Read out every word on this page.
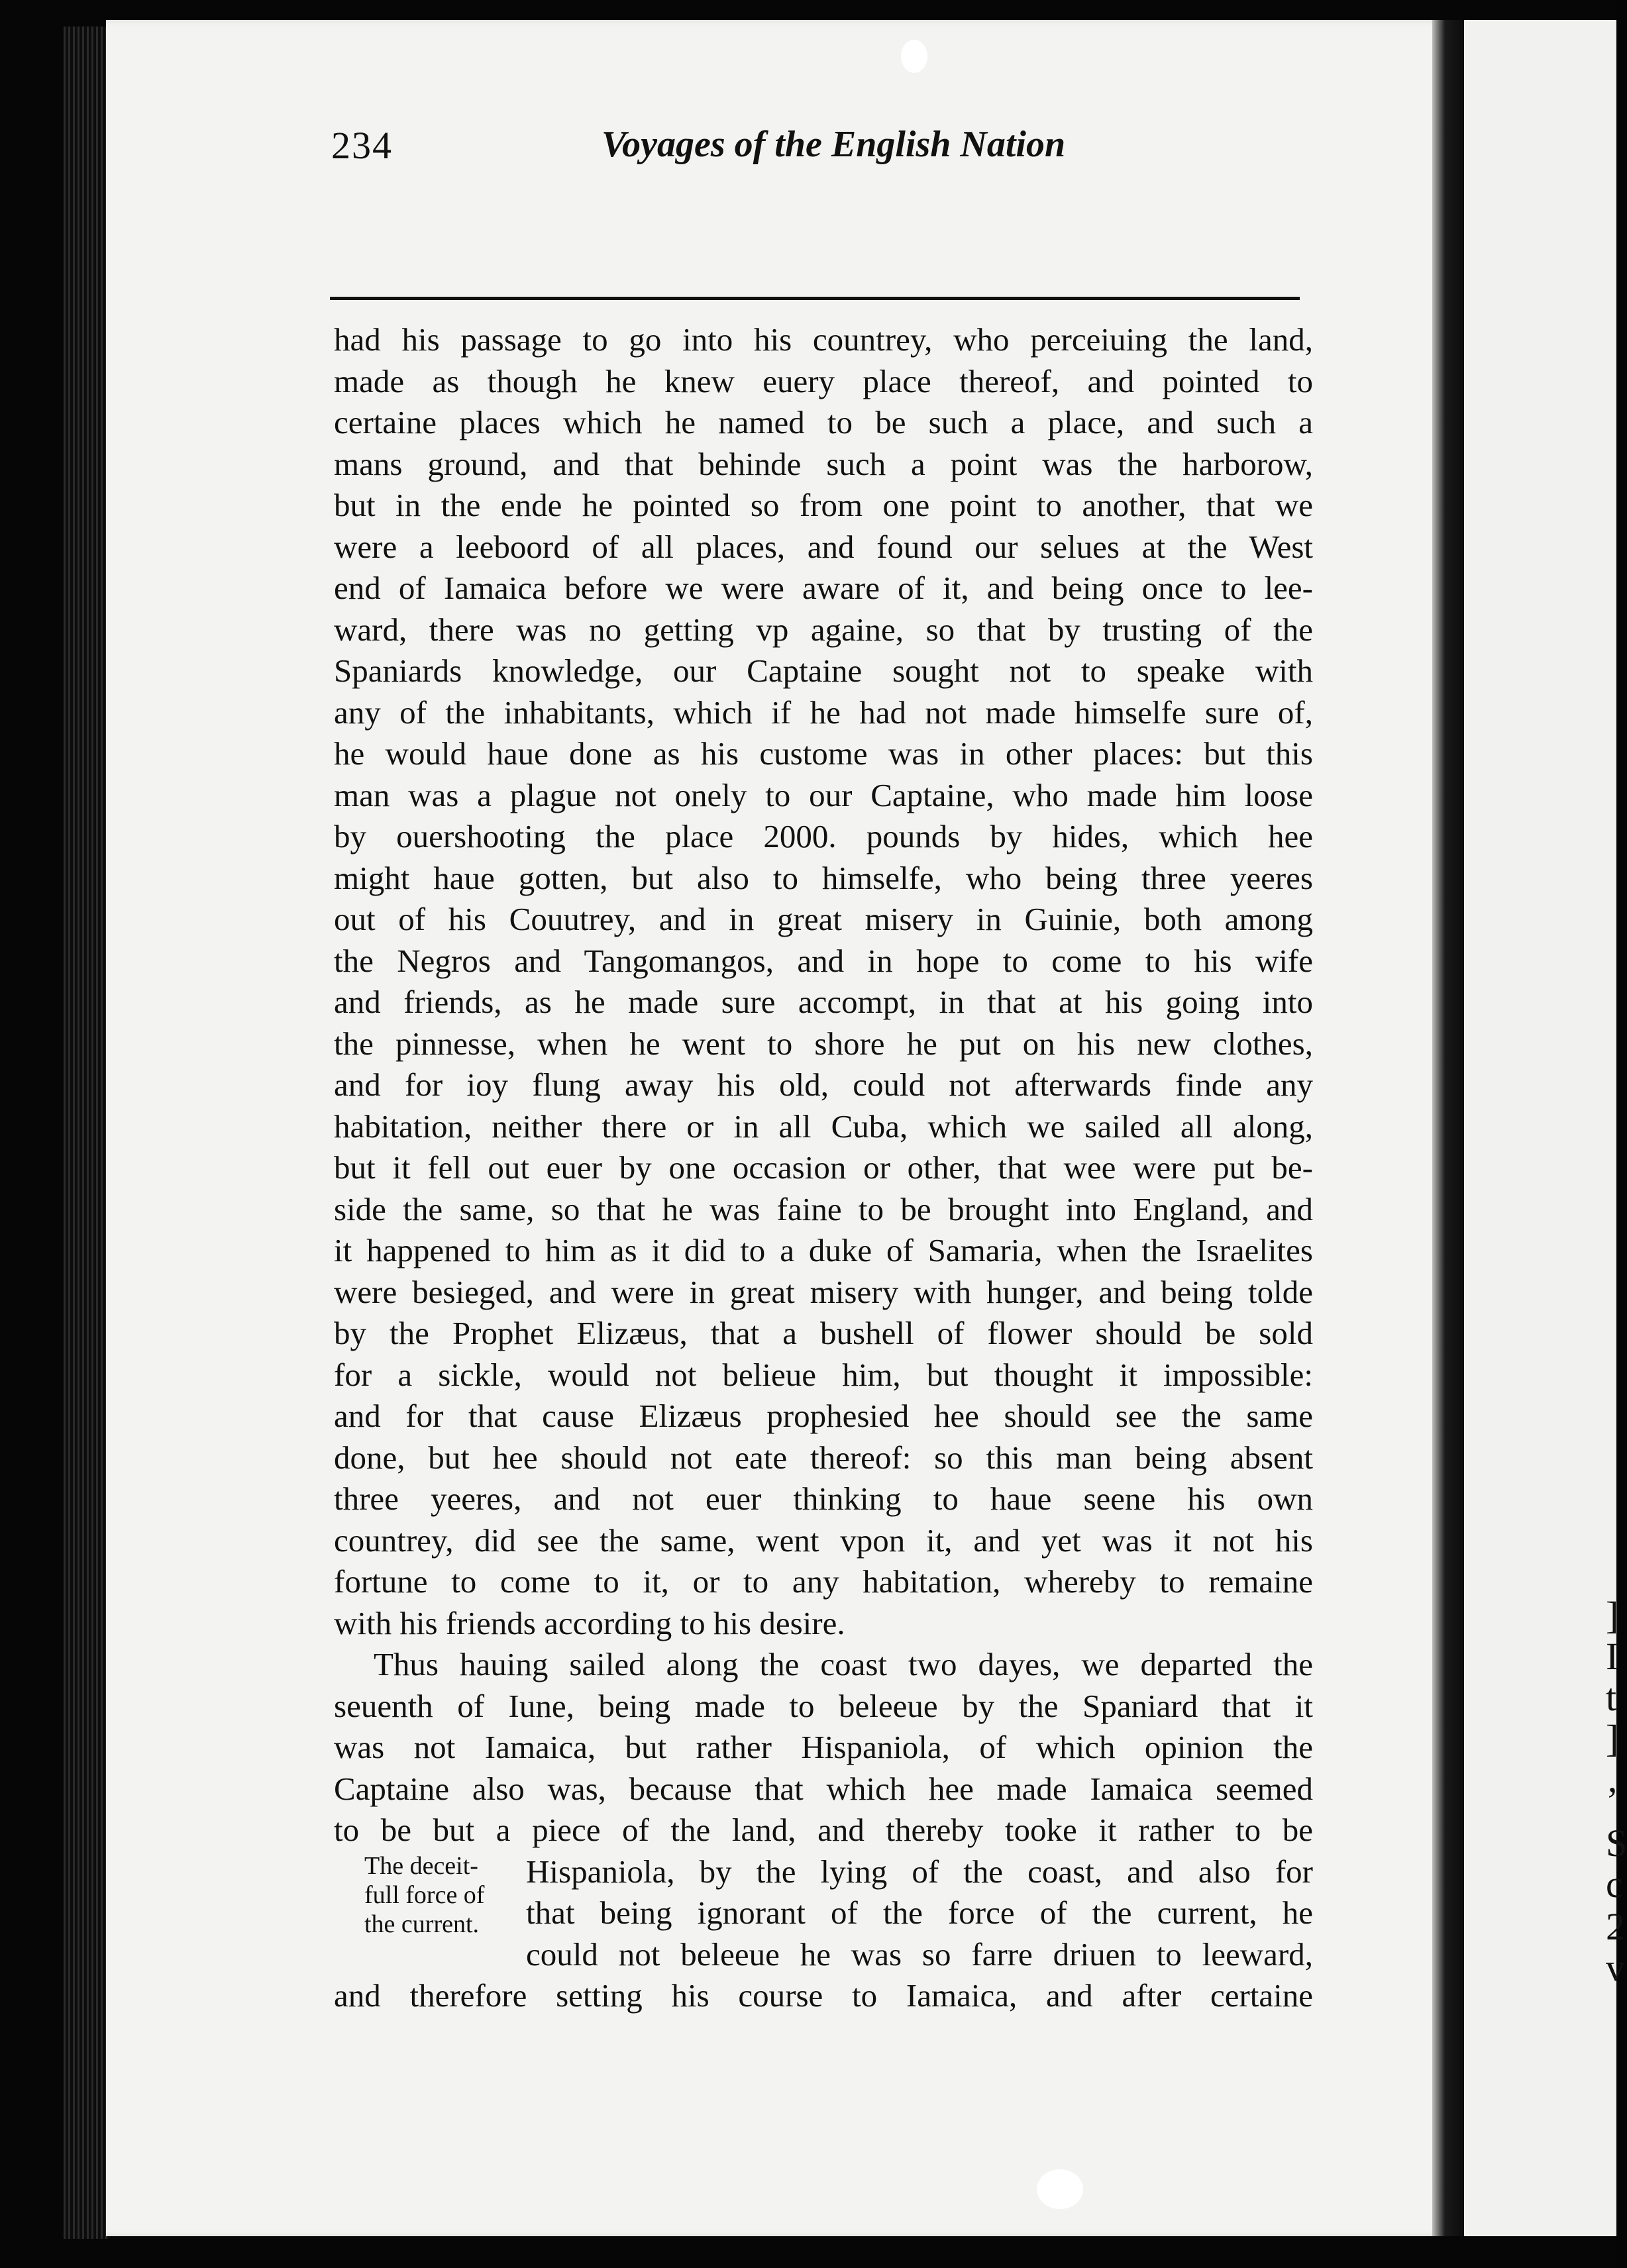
]
I
t
]
’
S
c
2
v
234	Voyages of the English Nation
had his passage to go into his countrey, who perceiuing the land,
made as though he knew euery place thereof, and pointed to
certaine places which he named to be such a place, and such a
mans ground, and that behinde such a point was the harborow,
but in the ende he pointed so from one point to another, that we
were a leeboord of all places, and found our selues at the West
end of Iamaica before we were aware of it, and being once to lee-
ward, there was no getting vp againe, so that by trusting of the
Spaniards knowledge, our Captaine sought not to speake with
any of the inhabitants, which if he had not made himselfe sure of,
he would haue done as his custome was in other places: but this
man was a plague not onely to our Captaine, who made him loose
by ouershooting the place 2000. pounds by hides, which hee
might haue gotten, but also to himselfe, who being three yeeres
out of his Couutrey, and in great misery in Guinie, both among
the Negros and Tangomangos, and in hope to come to his wife
and friends, as he made sure accompt, in that at his going into
the pinnesse, when he went to shore he put on his new clothes,
and for ioy flung away his old, could not afterwards finde any
habitation, neither there or in all Cuba, which we sailed all along,
but it fell out euer by one occasion or other, that wee were put be-
side the same, so that he was faine to be brought into England, and
it happened to him as it did to a duke of Samaria, when the Israelites
were besieged, and were in great misery with hunger, and being tolde
by the Prophet Elizæus, that a bushell of flower should be sold
for a sickle, would not belieue him, but thought it impossible:
and for that cause Elizæus prophesied hee should see the same
done, but hee should not eate thereof: so this man being absent
three yeeres, and not euer thinking to haue seene his own
countrey, did see the same, went vpon it, and yet was it not his
fortune to come to it, or to any habitation, whereby to remaine
with his friends according to his desire.
Thus hauing sailed along the coast two dayes, we departed the
seuenth of Iune, being made to beleeue by the Spaniard that it
was not Iamaica, but rather Hispaniola, of which opinion the
Captaine also was, because that which hee made Iamaica seemed
to be but a piece of the land, and thereby tooke it rather to be
Hispaniola, by the lying of the coast, and also for
that being ignorant of the force of the current, he
could not beleeue he was so farre driuen to leeward,
and therefore setting his course to Iamaica, and after certaine
The deceit-
full force of
the current.
